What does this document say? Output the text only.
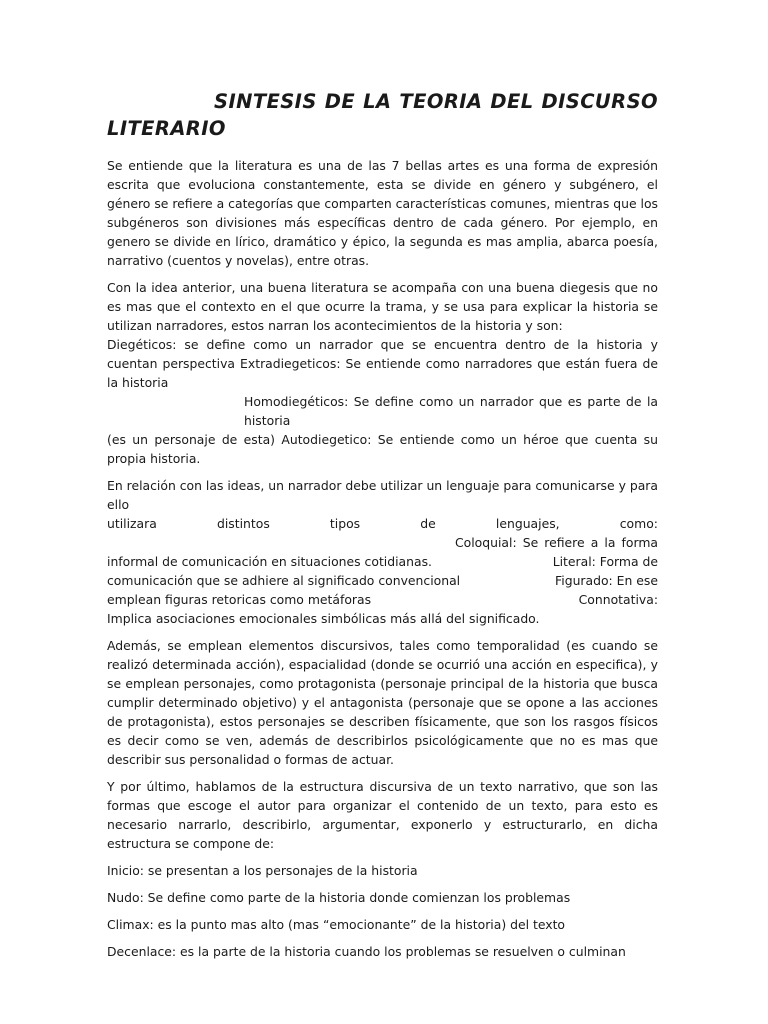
SINTESIS DE LA TEORIA DEL DISCURSO
LITERARIO

Se entiende que la literatura es una de las 7 bellas artes es una forma de expresión escrita que evoluciona constantemente, esta se divide en género y subgénero, el género se refiere a categorías que comparten características comunes, mientras que los subgéneros son divisiones más específicas dentro de cada género. Por ejemplo, en genero se divide en lírico, dramático y épico, la segunda es mas amplia, abarca poesía, narrativo (cuentos y novelas), entre otras.

Con la idea anterior, una buena literatura se acompaña con una buena diegesis que no es mas que el contexto en el que ocurre la trama, y se usa para explicar la historia se utilizan narradores, estos narran los acontecimientos de la historia y son:

Diegéticos: se define como un narrador que se encuentra dentro de la historia y cuentan perspectiva Extradiegeticos: Se entiende como narradores que están fuera de la historia

Homodiegéticos: Se define como un narrador que es parte de la historia

(es un personaje de esta) Autodiegetico: Se entiende como un héroe que cuenta su propia historia.

En relación con las ideas, un narrador debe utilizar un lenguaje para comunicarse y para ello
utilizara	distintos	tipos	de	lenguajes,	como:
Coloquial: Se refiere a la forma
informal de comunicación en situaciones cotidianas.	Literal: Forma de
comunicación que se adhiere al significado convencional	Figurado: En ese
emplean figuras retoricas como metáforas	Connotativa:
Implica asociaciones emocionales simbólicas más allá del significado.

Además, se emplean elementos discursivos, tales como temporalidad (es cuando se realizó determinada acción), espacialidad (donde se ocurrió una acción en especifica), y se emplean personajes, como protagonista (personaje principal de la historia que busca cumplir determinado objetivo) y el antagonista (personaje que se opone a las acciones de protagonista), estos personajes se describen físicamente, que son los rasgos físicos es decir como se ven, además de describirlos psicológicamente que no es mas que describir sus personalidad o formas de actuar.

Y por último, hablamos de la estructura discursiva de un texto narrativo, que son las formas que escoge el autor para organizar el contenido de un texto, para esto es necesario narrarlo, describirlo, argumentar, exponerlo y estructurarlo, en dicha estructura se compone de:

Inicio: se presentan a los personajes de la historia

Nudo: Se define como parte de la historia donde comienzan los problemas

Climax: es la punto mas alto (mas “emocionante” de la historia) del texto

Decenlace: es la parte de la historia cuando los problemas se resuelven o culminan
